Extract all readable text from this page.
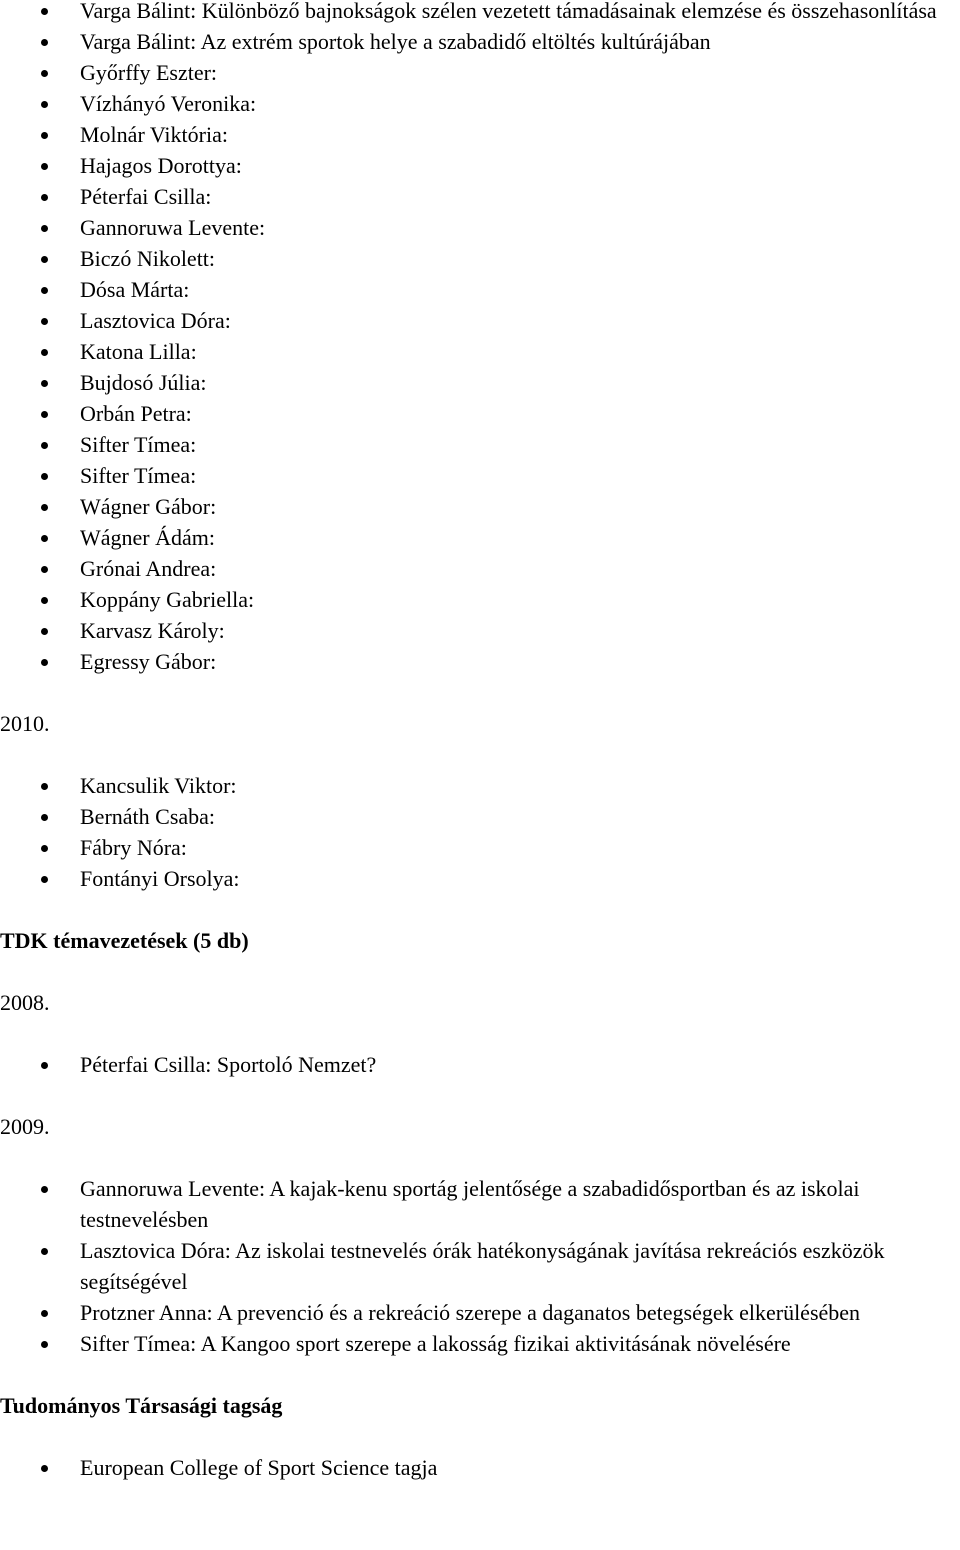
Varga Bálint: Különböző bajnokságok szélen vezetett támadásainak elemzése és összehasonlítása
Varga Bálint: Az extrém sportok helye a szabadidő eltöltés kultúrájában
Győrffy Eszter:
Vízhányó Veronika:
Molnár Viktória:
Hajagos Dorottya:
Péterfai Csilla:
Gannoruwa Levente:
Biczó Nikolett:
Dósa Márta:
Lasztovica Dóra:
Katona Lilla:
Bujdosó Júlia:
Orbán Petra:
Sifter Tímea:
Sifter Tímea:
Wágner Gábor:
Wágner Ádám:
Grónai Andrea:
Koppány Gabriella:
Karvasz Károly:
Egressy Gábor:

2010.

Kancsulik Viktor:
Bernáth Csaba:
Fábry Nóra:
Fontányi Orsolya:

TDK témavezetések (5 db)

2008.

Péterfai Csilla: Sportoló Nemzet?

2009.

Gannoruwa Levente: A kajak-kenu sportág jelentősége a szabadidősportban és az iskolai testnevelésben
Lasztovica Dóra: Az iskolai testnevelés órák hatékonyságának javítása rekreációs eszközök segítségével
Protzner Anna: A prevenció és a rekreáció szerepe a daganatos betegségek elkerülésében
Sifter Tímea: A Kangoo sport szerepe a lakosság fizikai aktivitásának növelésére

Tudományos Társasági tagság

European College of Sport Science tagja
